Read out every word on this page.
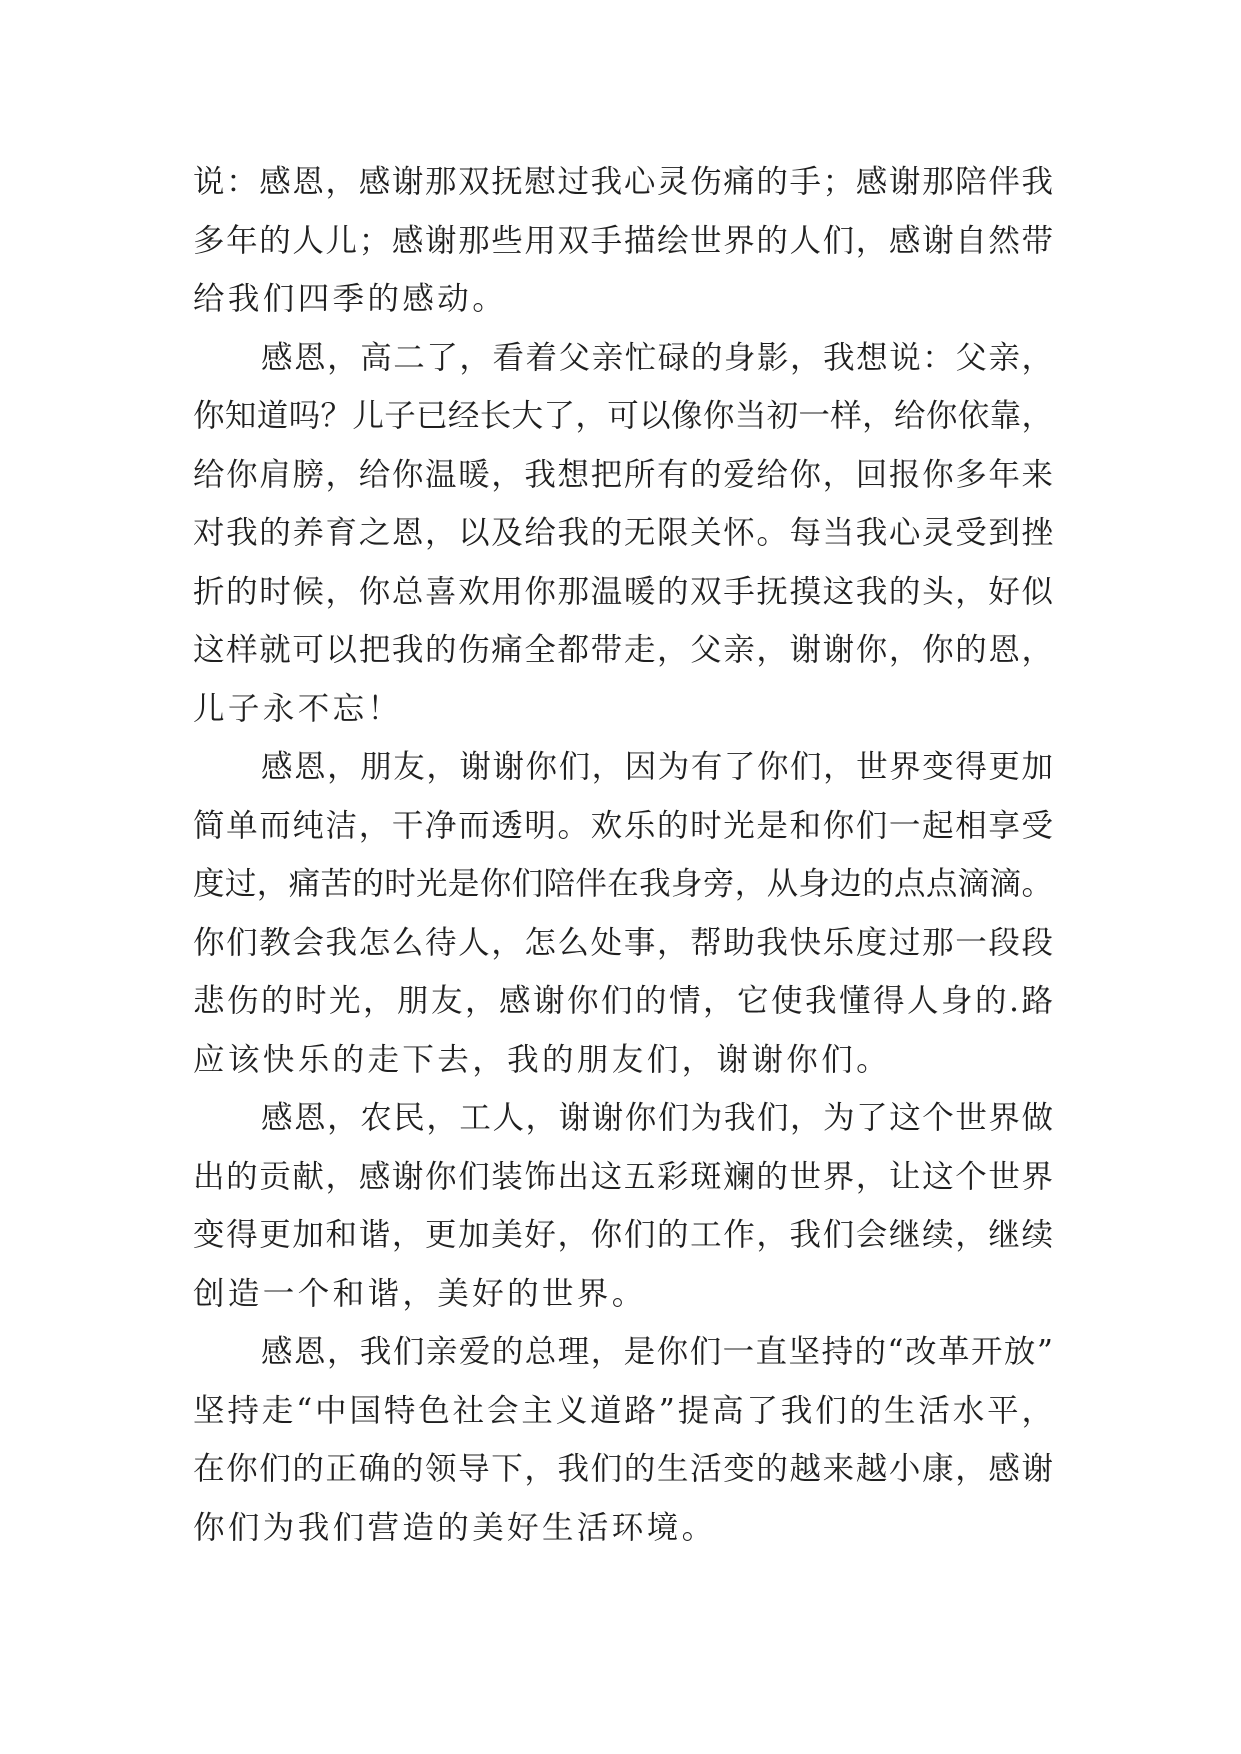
说：感恩，感谢那双抚慰过我心灵伤痛的手；感谢那陪伴我
多年的人儿；感谢那些用双手描绘世界的人们，感谢自然带
给我们四季的感动。
感恩，高二了，看着父亲忙碌的身影，我想说：父亲，
你知道吗？儿子已经长大了，可以像你当初一样，给你依靠，
给你肩膀，给你温暖，我想把所有的爱给你，回报你多年来
对我的养育之恩，以及给我的无限关怀。每当我心灵受到挫
折的时候，你总喜欢用你那温暖的双手抚摸这我的头，好似
这样就可以把我的伤痛全都带走，父亲，谢谢你，你的恩，
儿子永不忘！
感恩，朋友，谢谢你们，因为有了你们，世界变得更加
简单而纯洁，干净而透明。欢乐的时光是和你们一起相享受
度过，痛苦的时光是你们陪伴在我身旁，从身边的点点滴滴。
你们教会我怎么待人，怎么处事，帮助我快乐度过那一段段
悲伤的时光，朋友，感谢你们的情，它使我懂得人身的.路
应该快乐的走下去，我的朋友们，谢谢你们。
感恩，农民，工人，谢谢你们为我们，为了这个世界做
出的贡献，感谢你们装饰出这五彩斑斓的世界，让这个世界
变得更加和谐，更加美好，你们的工作，我们会继续，继续
创造一个和谐，美好的世界。
感恩，我们亲爱的总理，是你们一直坚持的“改革开放”
坚持走“中国特色社会主义道路”提高了我们的生活水平，
在你们的正确的领导下，我们的生活变的越来越小康，感谢
你们为我们营造的美好生活环境。
